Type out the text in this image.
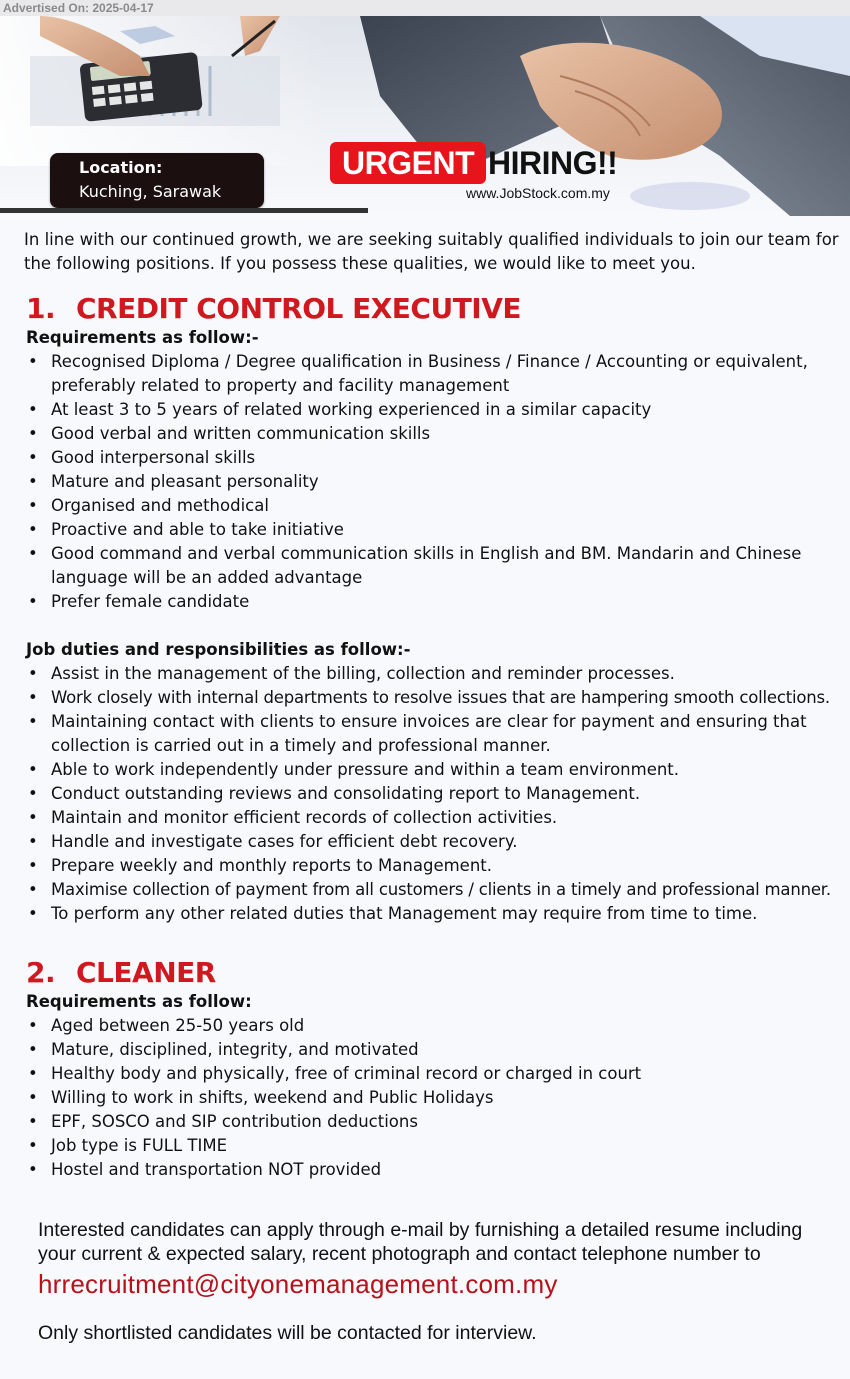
Advertised On: 2025-04-17
Location:
Kuching, Sarawak
URGENT HIRING!!
www.JobStock.com.my
In line with our continued growth, we are seeking suitably qualified individuals to join our team for the following positions. If you possess these qualities, we would like to meet you.
1. CREDIT CONTROL EXECUTIVE
Requirements as follow:-
• Recognised Diploma / Degree qualification in Business / Finance / Accounting or equivalent, preferably related to property and facility management
• At least 3 to 5 years of related working experienced in a similar capacity
• Good verbal and written communication skills
• Good interpersonal skills
• Mature and pleasant personality
• Organised and methodical
• Proactive and able to take initiative
• Good command and verbal communication skills in English and BM. Mandarin and Chinese language will be an added advantage
• Prefer female candidate
Job duties and responsibilities as follow:-
• Assist in the management of the billing, collection and reminder processes.
• Work closely with internal departments to resolve issues that are hampering smooth collections.
• Maintaining contact with clients to ensure invoices are clear for payment and ensuring that collection is carried out in a timely and professional manner.
• Able to work independently under pressure and within a team environment.
• Conduct outstanding reviews and consolidating report to Management.
• Maintain and monitor efficient records of collection activities.
• Handle and investigate cases for efficient debt recovery.
• Prepare weekly and monthly reports to Management.
• Maximise collection of payment from all customers / clients in a timely and professional manner.
• To perform any other related duties that Management may require from time to time.
2. CLEANER
Requirements as follow:
• Aged between 25-50 years old
• Mature, disciplined, integrity, and motivated
• Healthy body and physically, free of criminal record or charged in court
• Willing to work in shifts, weekend and Public Holidays
• EPF, SOSCO and SIP contribution deductions
• Job type is FULL TIME
• Hostel and transportation NOT provided
Interested candidates can apply through e-mail by furnishing a detailed resume including your current & expected salary, recent photograph and contact telephone number to
hrrecruitment@cityonemanagement.com.my
Only shortlisted candidates will be contacted for interview.
